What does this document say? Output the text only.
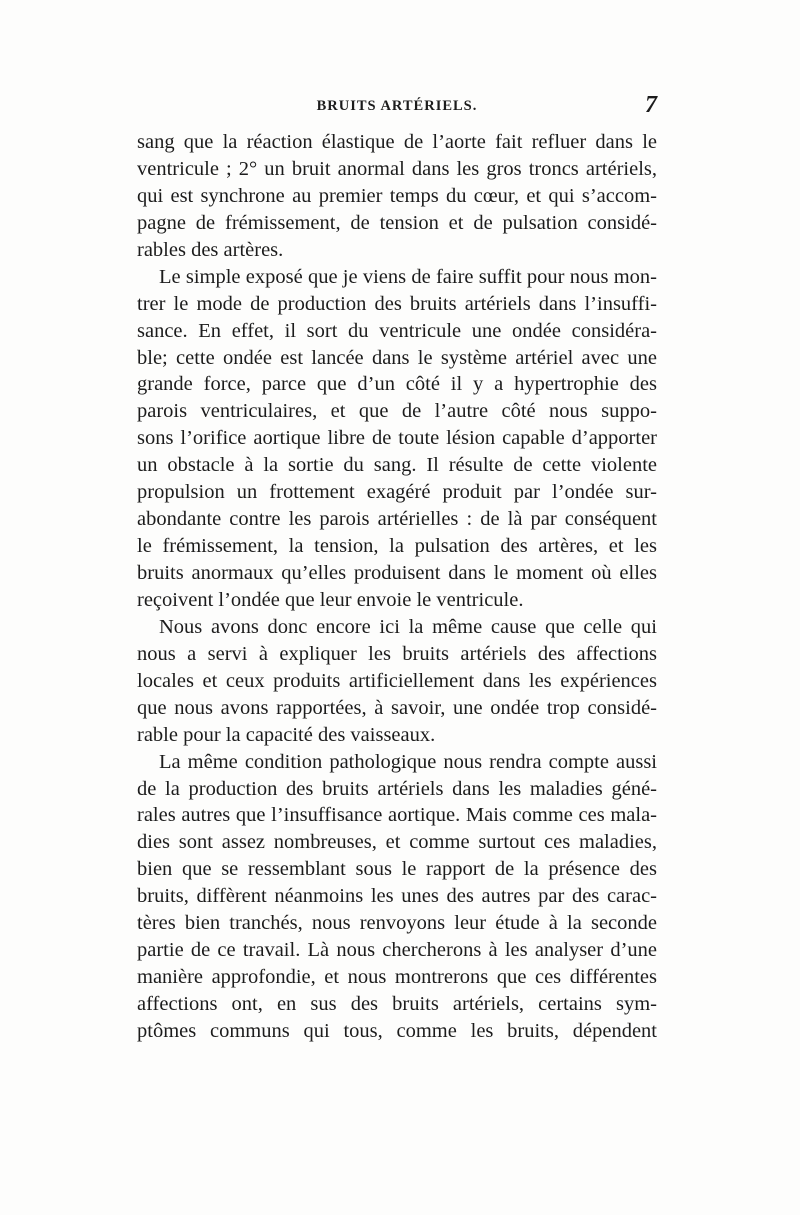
BRUITS ARTÉRIELS.	7
sang que la réaction élastique de l’aorte fait refluer dans le
ventricule ; 2° un bruit anormal dans les gros troncs artériels,
qui est synchrone au premier temps du cœur, et qui s’accom-
pagne de frémissement, de tension et de pulsation considé-
rables des artères.
Le simple exposé que je viens de faire suffit pour nous mon-
trer le mode de production des bruits artériels dans l’insuffi-
sance. En effet, il sort du ventricule une ondée considéra-
ble; cette ondée est lancée dans le système artériel avec une
grande force, parce que d’un côté il y a hypertrophie des
parois ventriculaires, et que de l’autre côté nous suppo-
sons l’orifice aortique libre de toute lésion capable d’apporter
un obstacle à la sortie du sang. Il résulte de cette violente
propulsion un frottement exagéré produit par l’ondée sur-
abondante contre les parois artérielles : de là par conséquent
le frémissement, la tension, la pulsation des artères, et les
bruits anormaux qu’elles produisent dans le moment où elles
reçoivent l’ondée que leur envoie le ventricule.
Nous avons donc encore ici la même cause que celle qui
nous a servi à expliquer les bruits artériels des affections
locales et ceux produits artificiellement dans les expériences
que nous avons rapportées, à savoir, une ondée trop considé-
rable pour la capacité des vaisseaux.
La même condition pathologique nous rendra compte aussi
de la production des bruits artériels dans les maladies géné-
rales autres que l’insuffisance aortique. Mais comme ces mala-
dies sont assez nombreuses, et comme surtout ces maladies,
bien que se ressemblant sous le rapport de la présence des
bruits, diffèrent néanmoins les unes des autres par des carac-
tères bien tranchés, nous renvoyons leur étude à la seconde
partie de ce travail. Là nous chercherons à les analyser d’une
manière approfondie, et nous montrerons que ces différentes
affections ont, en sus des bruits artériels, certains sym-
ptômes communs qui tous, comme les bruits, dépendent
